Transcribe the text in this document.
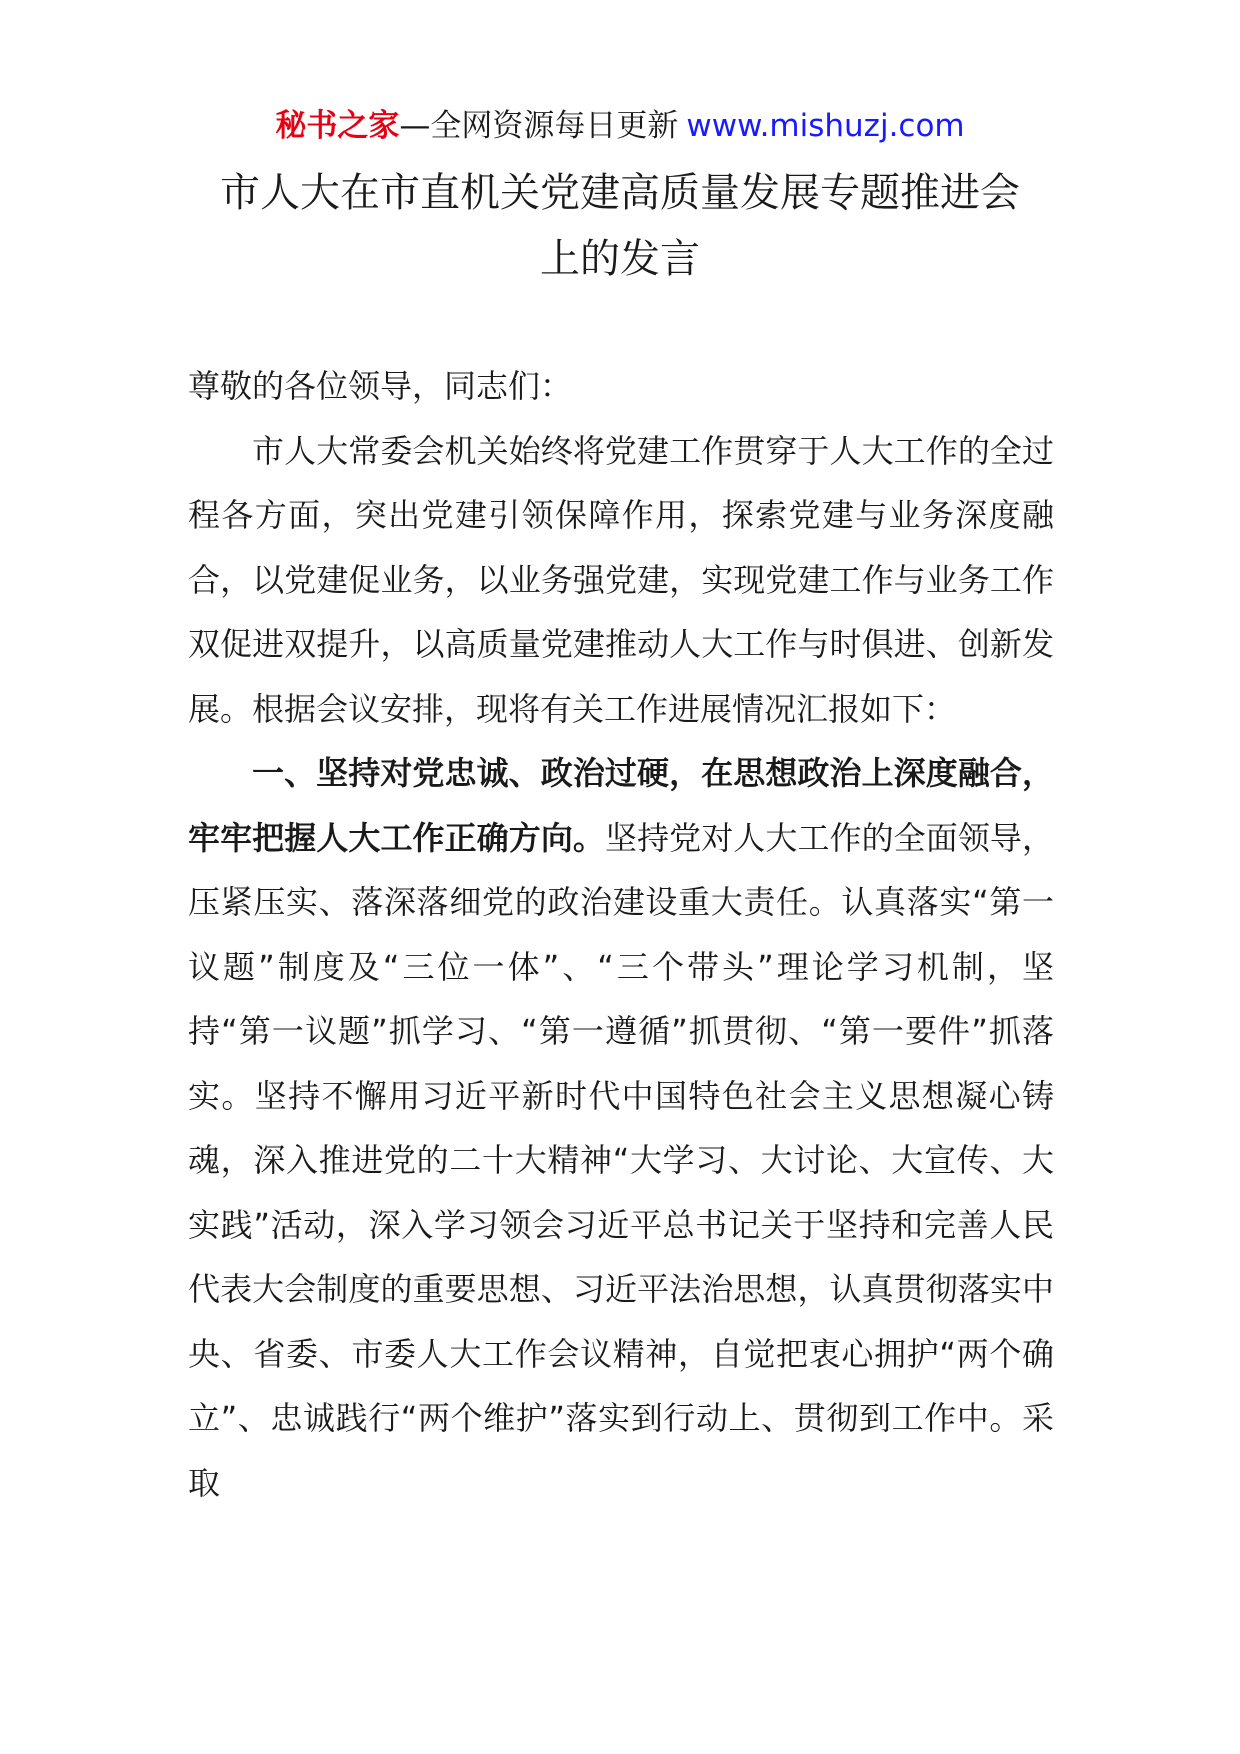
秘书之家—全网资源每日更新 www.mishuzj.com
市人大在市直机关党建高质量发展专题推进会
上的发言

尊敬的各位领导，同志们：

市人大常委会机关始终将党建工作贯穿于人大工作的全过程各方面，突出党建引领保障作用，探索党建与业务深度融合，以党建促业务，以业务强党建，实现党建工作与业务工作双促进双提升，以高质量党建推动人大工作与时俱进、创新发展。根据会议安排，现将有关工作进展情况汇报如下：

一、坚持对党忠诚、政治过硬，在思想政治上深度融合，牢牢把握人大工作正确方向。坚持党对人大工作的全面领导，压紧压实、落深落细党的政治建设重大责任。认真落实“第一议题”制度及“三位一体”、“三个带头”理论学习机制，坚持“第一议题”抓学习、“第一遵循”抓贯彻、“第一要件”抓落实。坚持不懈用习近平新时代中国特色社会主义思想凝心铸魂，深入推进党的二十大精神“大学习、大讨论、大宣传、大实践”活动，深入学习领会习近平总书记关于坚持和完善人民代表大会制度的重要思想、习近平法治思想，认真贯彻落实中央、省委、市委人大工作会议精神，自觉把衷心拥护“两个确立”、忠诚践行“两个维护”落实到行动上、贯彻到工作中。采取
